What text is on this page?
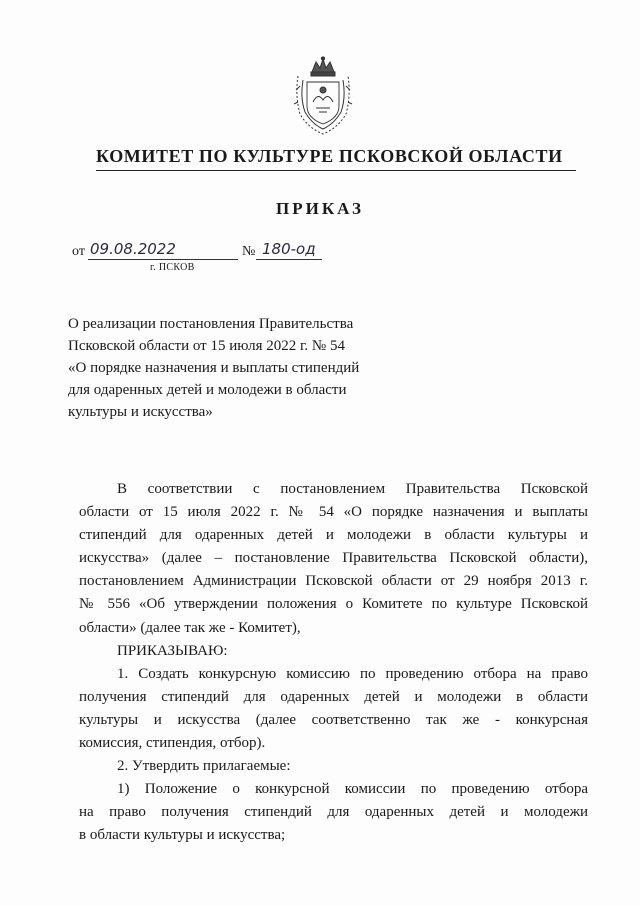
КОМИТЕТ ПО КУЛЬТУРЕ ПСКОВСКОЙ ОБЛАСТИ
ПРИКАЗ
от 09.08.2022	№ 180-од
г. ПСКОВ
О реализации постановления Правительства
Псковской области от 15 июля 2022 г. № 54
«О порядке назначения и выплаты стипендий
для одаренных детей и молодежи в области
культуры и искусства»
В соответствии с постановлением Правительства Псковской
области от 15 июля 2022 г. № 54 «О порядке назначения и выплаты
стипендий для одаренных детей и молодежи в области культуры и
искусства» (далее – постановление Правительства Псковской области),
постановлением Администрации Псковской области от 29 ноября 2013 г.
№ 556 «Об утверждении положения о Комитете по культуре Псковской
области» (далее так же - Комитет),
ПРИКАЗЫВАЮ:
1. Создать конкурсную комиссию по проведению отбора на право
получения стипендий для одаренных детей и молодежи в области
культуры и искусства (далее соответственно так же - конкурсная
комиссия, стипендия, отбор).
2. Утвердить прилагаемые:
1) Положение о конкурсной комиссии по проведению отбора
на право получения стипендий для одаренных детей и молодежи
в области культуры и искусства;
